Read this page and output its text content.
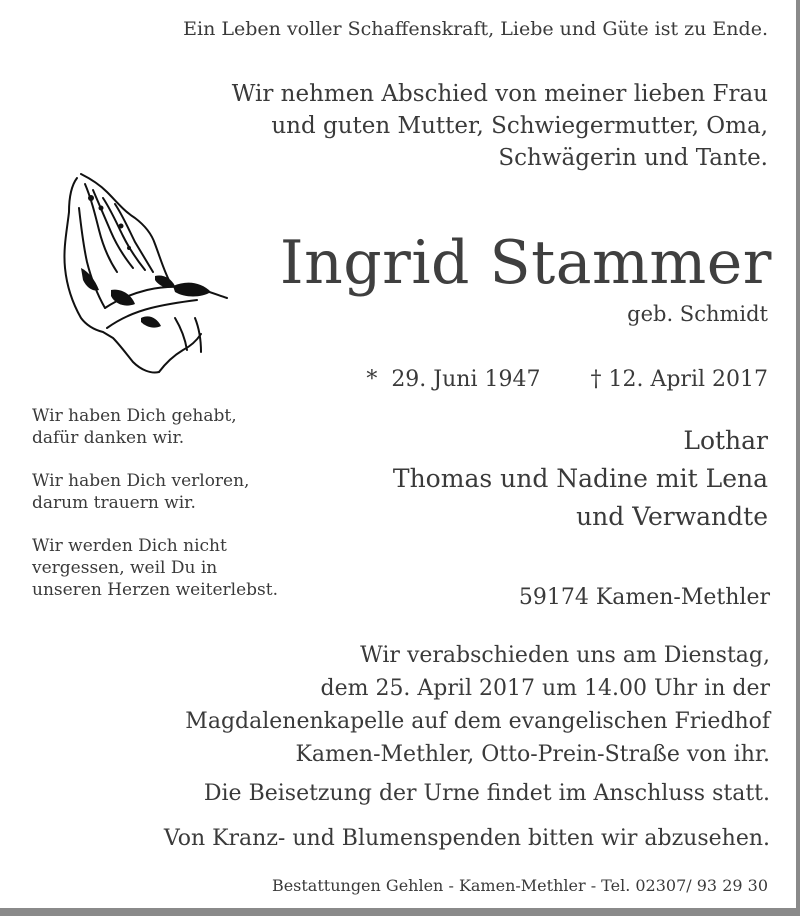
Ein Leben voller Schaffenskraft, Liebe und Güte ist zu Ende.
Wir nehmen Abschied von meiner lieben Frau
und guten Mutter, Schwiegermutter, Oma,
Schwägerin und Tante.
Ingrid Stammer
geb. Schmidt

*  29. Juni 1947 † 12. April 2017

Wir haben Dich gehabt,
dafür danken wir.

Wir haben Dich verloren,
darum trauern wir.

Wir werden Dich nicht
vergessen, weil Du in
unseren Herzen weiterlebst.

Lothar
Thomas und Nadine mit Lena
und Verwandte
59174 Kamen-Methler
Wir verabschieden uns am Dienstag,
dem 25. April 2017 um 14.00 Uhr in der
Magdalenenkapelle auf dem evangelischen Friedhof
Kamen-Methler, Otto-Prein-Straße von ihr.
Die Beisetzung der Urne findet im Anschluss statt.
Von Kranz- und Blumenspenden bitten wir abzusehen.
Bestattungen Gehlen - Kamen-Methler - Tel. 02307/ 93 29 30
